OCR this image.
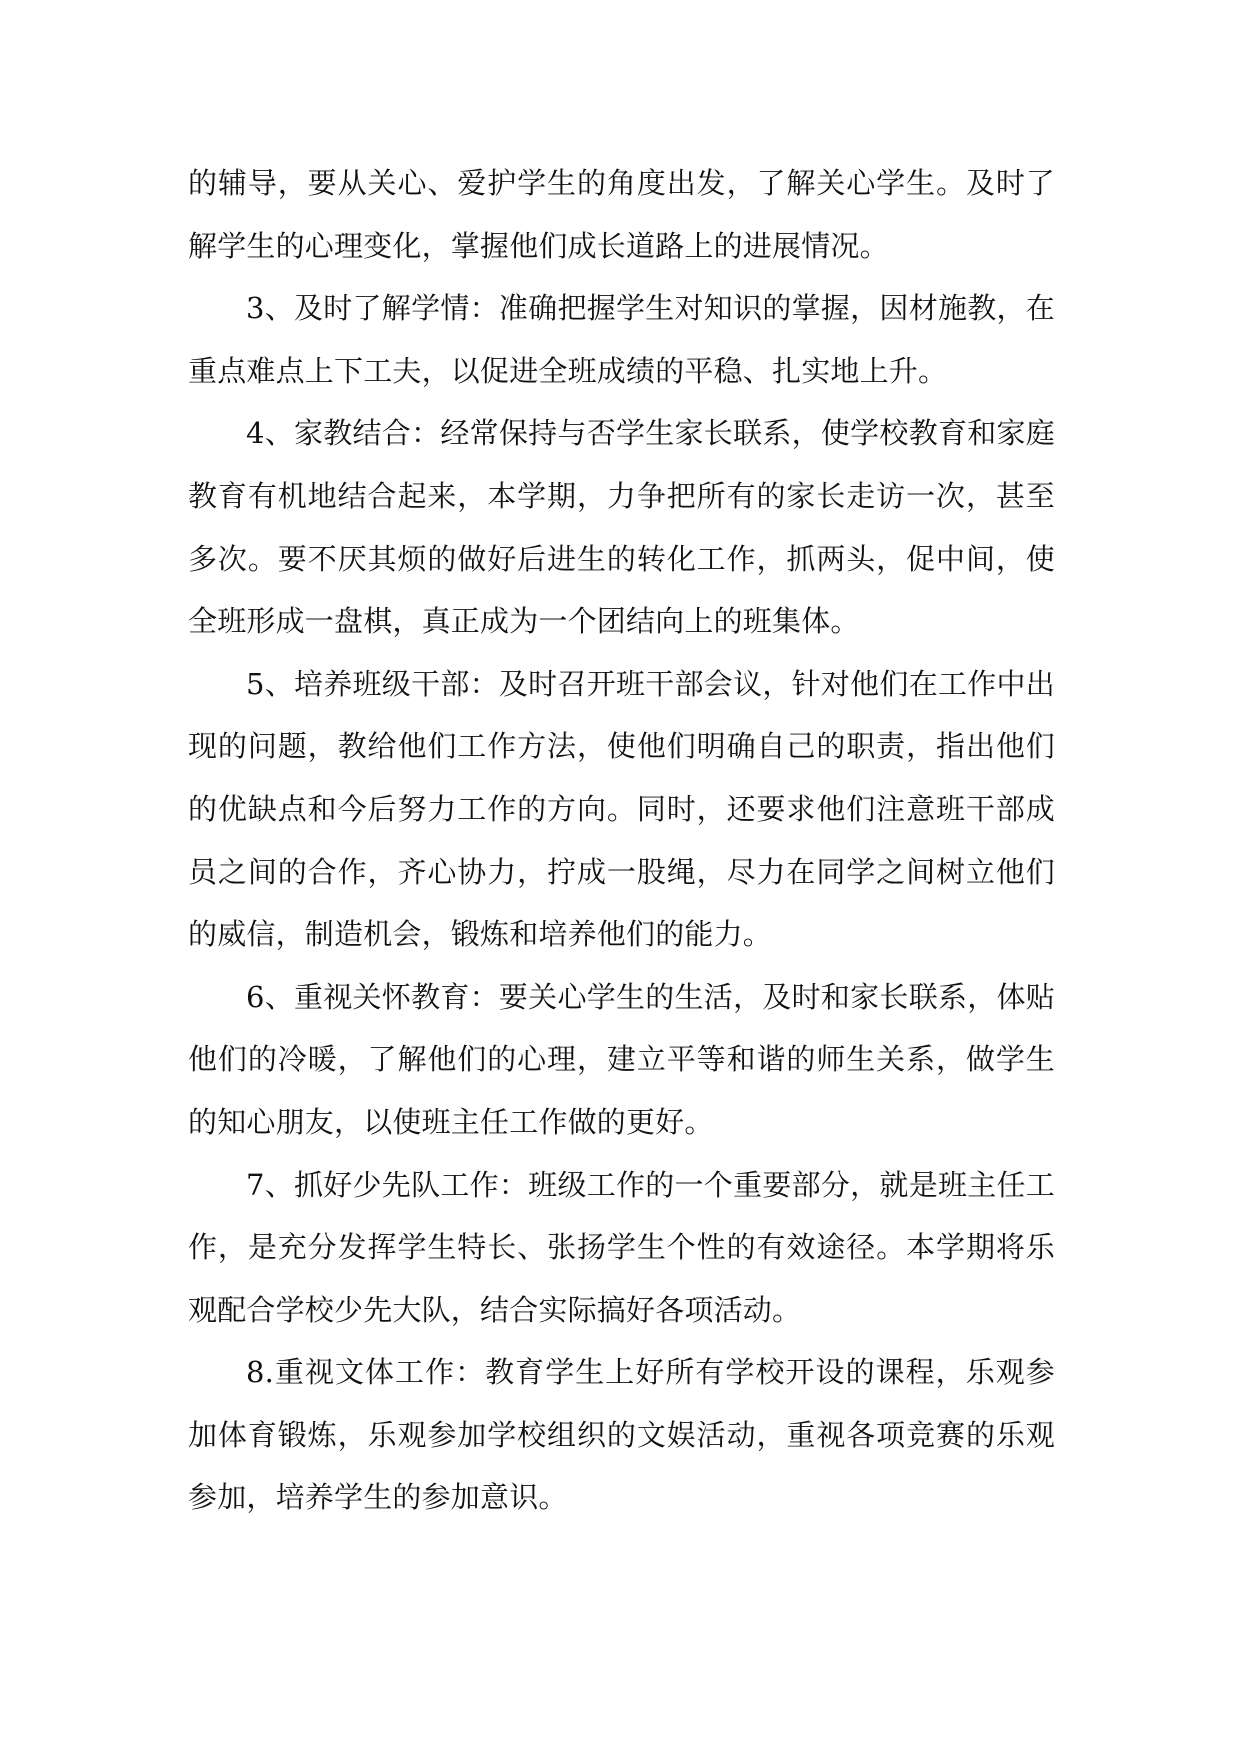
的辅导，要从关心、爱护学生的角度出发，了解关心学生。及时了解学生的心理变化，掌握他们成长道路上的进展情况。

3、及时了解学情：准确把握学生对知识的掌握，因材施教，在重点难点上下工夫，以促进全班成绩的平稳、扎实地上升。

4、家教结合：经常保持与否学生家长联系，使学校教育和家庭教育有机地结合起来，本学期，力争把所有的家长走访一次，甚至多次。要不厌其烦的做好后进生的转化工作，抓两头，促中间，使全班形成一盘棋，真正成为一个团结向上的班集体。

5、培养班级干部：及时召开班干部会议，针对他们在工作中出现的问题，教给他们工作方法，使他们明确自己的职责，指出他们的优缺点和今后努力工作的方向。同时，还要求他们注意班干部成员之间的合作，齐心协力，拧成一股绳，尽力在同学之间树立他们的威信，制造机会，锻炼和培养他们的能力。

6、重视关怀教育：要关心学生的生活，及时和家长联系，体贴他们的冷暖，了解他们的心理，建立平等和谐的师生关系，做学生的知心朋友，以使班主任工作做的更好。

7、抓好少先队工作：班级工作的一个重要部分，就是班主任工作，是充分发挥学生特长、张扬学生个性的有效途径。本学期将乐观配合学校少先大队，结合实际搞好各项活动。

8.重视文体工作：教育学生上好所有学校开设的课程，乐观参加体育锻炼，乐观参加学校组织的文娱活动，重视各项竞赛的乐观参加，培养学生的参加意识。
